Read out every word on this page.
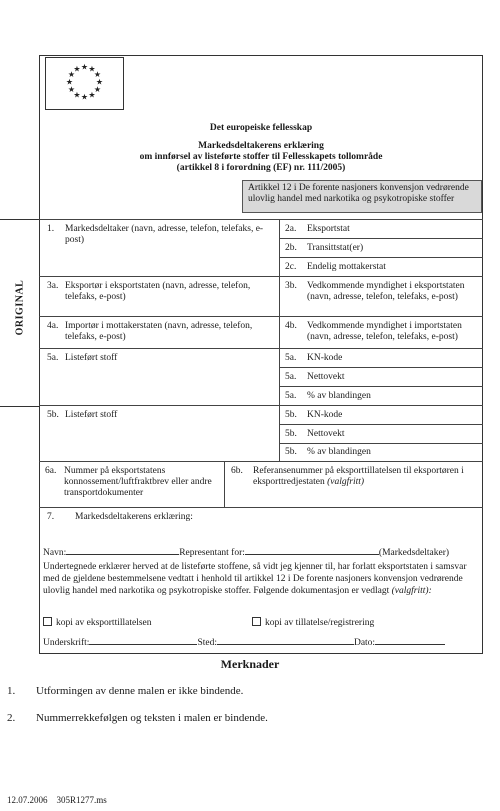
★ ★
★
★
★
★
★
★
★
★
★
★
Det europeiske fellesskap
Markedsdeltakerens erklæring
om innførsel av listeførte stoffer til Fellesskapets tollområde
(artikkel 8 i forordning (EF) nr. 111/2005)
Artikkel 12 i De forente nasjoners konvensjon vedrørende ulovlig handel med narkotika og psykotropiske stoffer
ORIGINAL
1. Markedsdeltaker (navn, adresse, telefon, telefaks, e-post)
2a. Eksportstat
2b. Transittstat(er)
2c. Endelig mottakerstat
3a. Eksportør i eksportstaten (navn, adresse, telefon, telefaks, e-post)
3b. Vedkommende myndighet i eksportstaten (navn, adresse, telefon, telefaks, e-post)
4a. Importør i mottakerstaten (navn, adresse, telefon, telefaks, e-post)
4b. Vedkommende myndighet i importstaten (navn, adresse, telefon, telefaks, e-post)
5a. Listeført stoff	5a. KN-kode
5a. Nettovekt
5a. % av blandingen
5b. Listeført stoff	5b. KN-kode
5b. Nettovekt
5b. % av blandingen
6a. Nummer på eksportstatens konnossement/luftfraktbrev eller andre transportdokumenter
6b. Referansenummer på eksporttillatelsen til eksportøren i eksporttredjestaten (valgfritt)
7. Markedsdeltakerens erklæring:
Navn:	Representant for:	(Markedsdeltaker)
Undertegnede erklærer herved at de listeførte stoffene, så vidt jeg kjenner til, har forlatt eksportstaten i samsvar med de gjeldene bestemmelsene vedtatt i henhold til artikkel 12 i De forente nasjoners konvensjon vedrørende ulovlig handel med narkotika og psykotropiske stoffer. Følgende dokumentasjon er vedlagt (valgfritt):
kopi av eksporttillatelsen	kopi av tillatelse/registrering
Underskrift:	Sted:	Dato:
Merknader
1. Utformingen av denne malen er ikke bindende.
2. Nummerrekkefølgen og teksten i malen er bindende.
12.07.2006 305R1277.ms
